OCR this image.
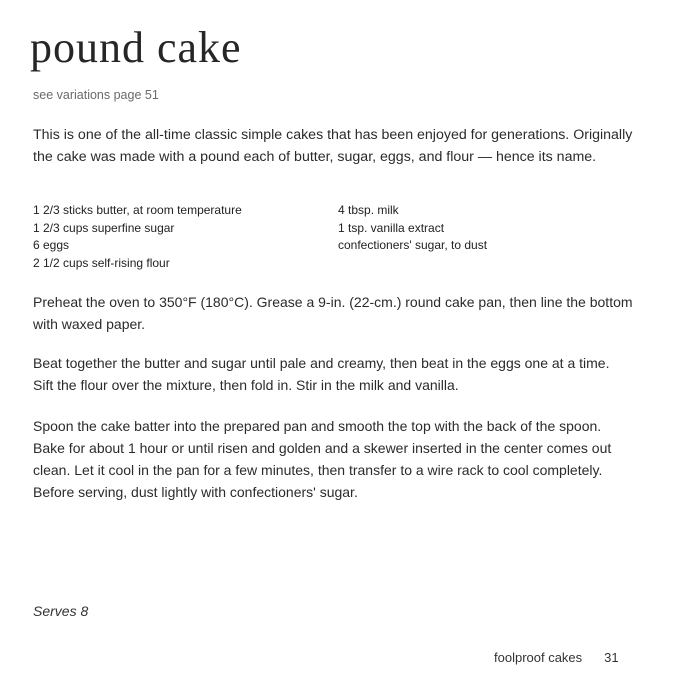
pound cake
see variations page 51

This is one of the all-time classic simple cakes that has been enjoyed for generations. Originally the cake was made with a pound each of butter, sugar, eggs, and flour — hence its name.

1 2/3 sticks butter, at room temperature
1 2/3 cups superfine sugar
6 eggs
2 1/2 cups self-rising flour
4 tbsp. milk
1 tsp. vanilla extract
confectioners' sugar, to dust

Preheat the oven to 350°F (180°C). Grease a 9-in. (22-cm.) round cake pan, then line the bottom with waxed paper.

Beat together the butter and sugar until pale and creamy, then beat in the eggs one at a time. Sift the flour over the mixture, then fold in. Stir in the milk and vanilla.

Spoon the cake batter into the prepared pan and smooth the top with the back of the spoon. Bake for about 1 hour or until risen and golden and a skewer inserted in the center comes out clean. Let it cool in the pan for a few minutes, then transfer to a wire rack to cool completely. Before serving, dust lightly with confectioners' sugar.

Serves 8
foolproof cakes 31
